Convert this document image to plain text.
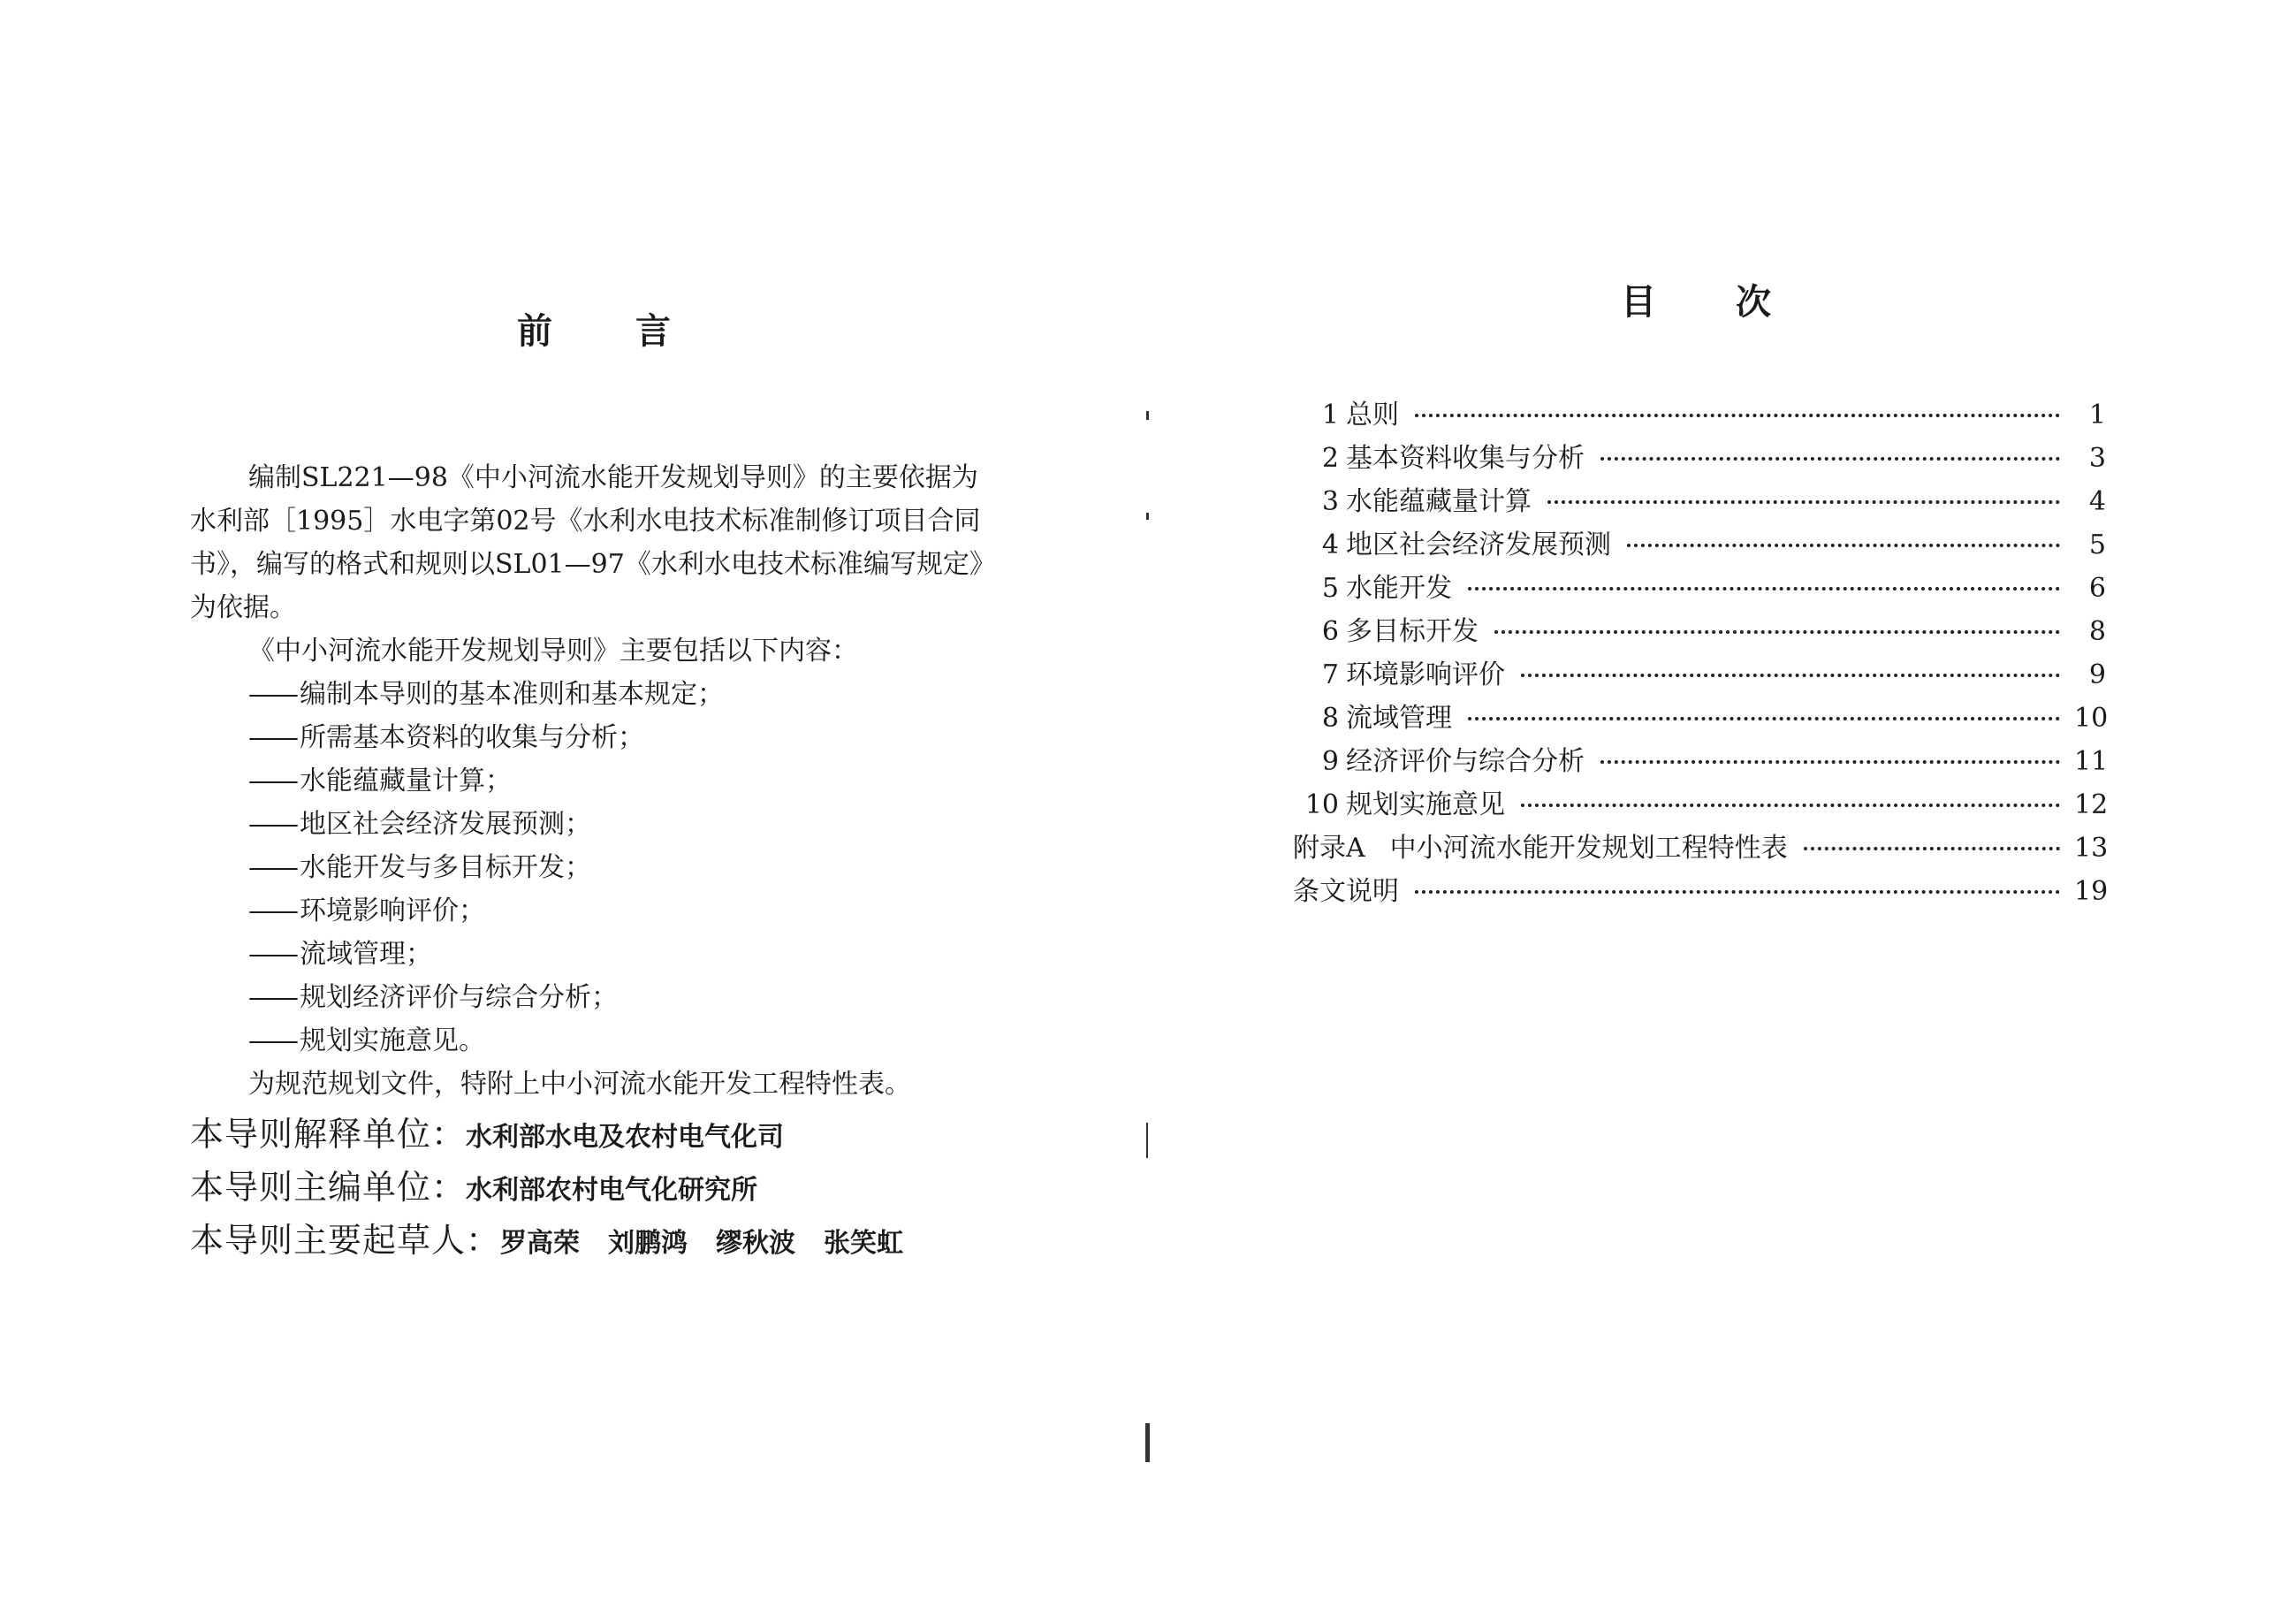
前 言

编制SL221—98《中小河流水能开发规划导则》的主要依据为水利部［1995］水电字第02号《水利水电技术标准制修订项目合同书》，编写的格式和规则以SL01—97《水利水电技术标准编写规定》为依据。

《中小河流水能开发规划导则》主要包括以下内容：

—— 编制本导则的基本准则和基本规定；

—— 所需基本资料的收集与分析；

—— 水能蕴藏量计算；

—— 地区社会经济发展预测；

—— 水能开发与多目标开发；

—— 环境影响评价；

—— 流域管理；

—— 规划经济评价与综合分析；

—— 规划实施意见。

为规范规划文件，特附上中小河流水能开发工程特性表。

本导则解释单位：水利部水电及农村电气化司
本导则主编单位：水利部农村电气化研究所
本导则主要起草人：罗高荣 刘鹏鸿 缪秋波 张笑虹
目 次
1 总则	1
2 基本资料收集与分析	3
3 水能蕴藏量计算	4
4 地区社会经济发展预测	5
5 水能开发	6
6 多目标开发	8
7 环境影响评价	9
8 流域管理	10
9 经济评价与综合分析	11
10 规划实施意见	12
附录A 中小河流水能开发规划工程特性表	13
条文说明	19
